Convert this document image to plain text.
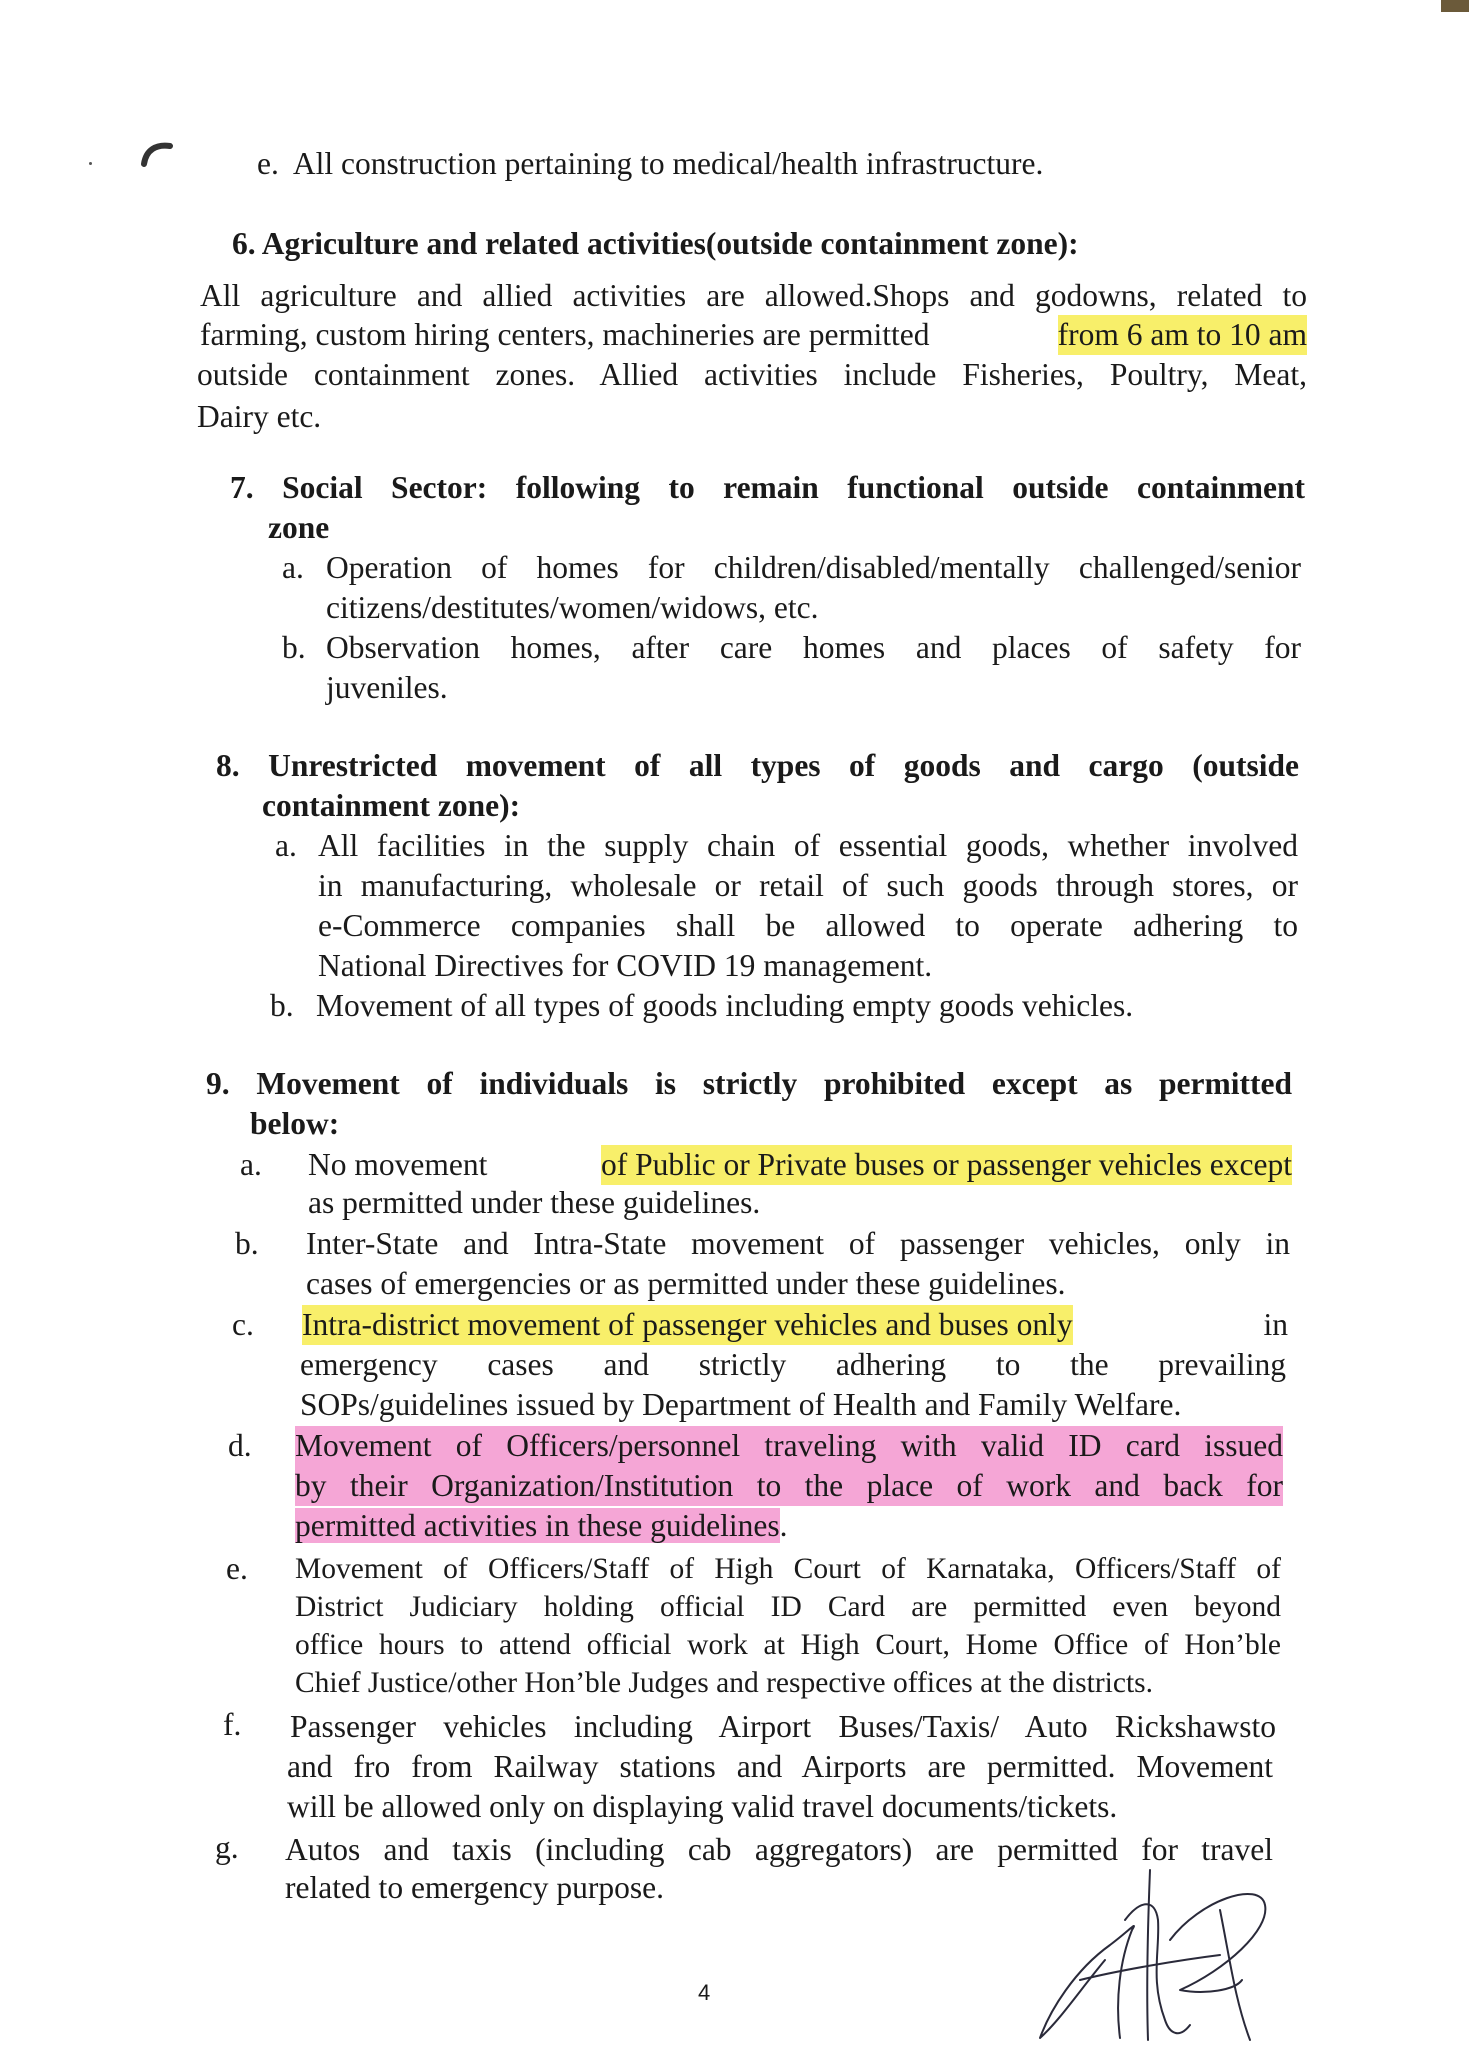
e. All construction pertaining to medical/health infrastructure.
6. Agriculture and related activities(outside containment zone):
All agriculture and allied activities are allowed.Shops and godowns, related to
farming, custom hiring centers, machineries are permitted	from 6 am to 10 am
outside containment zones. Allied activities include Fisheries, Poultry, Meat,
Dairy etc.
7. Social Sector: following to remain functional outside containment
zone
a. Operation of homes for children/disabled/mentally challenged/senior
citizens/destitutes/women/widows, etc.
b. Observation homes, after care homes and places of safety for
juveniles.
8. Unrestricted movement of all types of goods and cargo (outside
containment zone):
a. All facilities in the supply chain of essential goods, whether involved
in manufacturing, wholesale or retail of such goods through stores, or
e-Commerce companies shall be allowed to operate adhering to
National Directives for COVID 19 management.
b. Movement of all types of goods including empty goods vehicles.
9. Movement of individuals is strictly prohibited except as permitted
below:
a. No movement	of Public or Private buses or passenger vehicles except
as permitted under these guidelines.
b. Inter-State and Intra-State movement of passenger vehicles, only in
cases of emergencies or as permitted under these guidelines.
c. Intra-district movement of passenger vehicles and buses only	in
emergency cases and strictly adhering to the prevailing
SOPs/guidelines issued by Department of Health and Family Welfare.
d. Movement of Officers/personnel traveling with valid ID card issued
by their Organization/Institution to the place of work and back for
permitted activities in these guidelines.
e. Movement of Officers/Staff of High Court of Karnataka, Officers/Staff of
District Judiciary holding official ID Card are permitted even beyond
office hours to attend official work at High Court, Home Office of Hon’ble
Chief Justice/other Hon’ble Judges and respective offices at the districts.
f. Passenger vehicles including Airport Buses/Taxis/ Auto Rickshawsto
and fro from Railway stations and Airports are permitted. Movement
will be allowed only on displaying valid travel documents/tickets.
g. Autos and taxis (including cab aggregators) are permitted for travel
related to emergency purpose.
4
